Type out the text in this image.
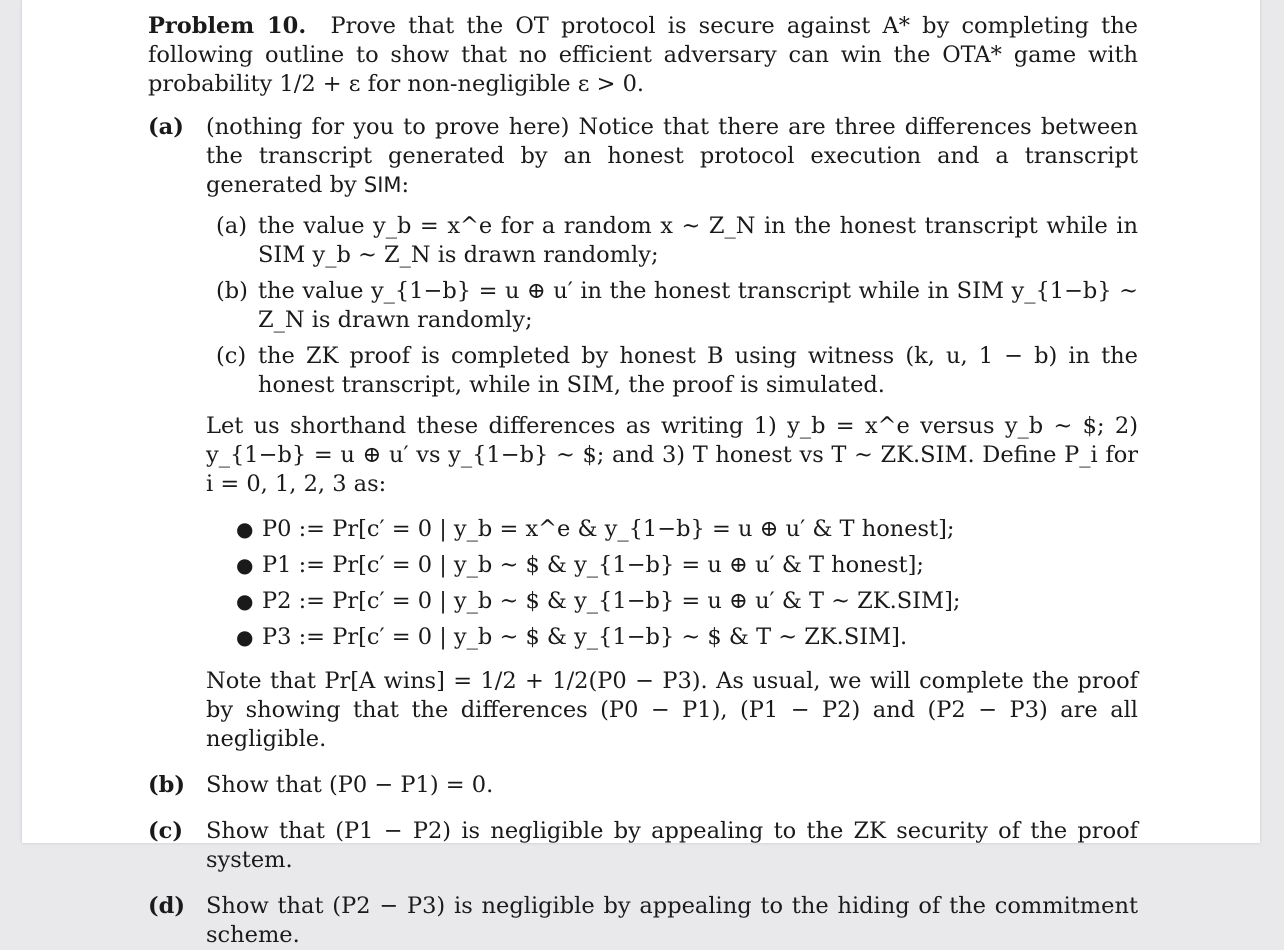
Problem 10. Prove that the OT protocol is secure against A* by completing the following outline to show that no efficient adversary can win the OTA* game with probability 1/2 + ε for non-negligible ε > 0.

(a) (nothing for you to prove here) Notice that there are three differences between the transcript generated by an honest protocol execution and a transcript generated by SIM:
(a) the value y_b = x^e for a random x ~ Z_N in the honest transcript while in SIM y_b ~ Z_N is drawn randomly;
(b) the value y_{1−b} = u ⊕ u′ in the honest transcript while in SIM y_{1−b} ~ Z_N is drawn randomly;
(c) the ZK proof is completed by honest B using witness (k, u, 1 − b) in the honest transcript, while in SIM, the proof is simulated.

Let us shorthand these differences as writing 1) y_b = x^e versus y_b ~ $; 2) y_{1−b} = u ⊕ u′ vs y_{1−b} ~ $; and 3) T honest vs T ~ ZK.SIM. Define P_i for i = 0, 1, 2, 3 as:

● P0 := Pr[c′ = 0 | y_b = x^e & y_{1−b} = u ⊕ u′ & T honest];
● P1 := Pr[c′ = 0 | y_b ~ $ & y_{1−b} = u ⊕ u′ & T honest];
● P2 := Pr[c′ = 0 | y_b ~ $ & y_{1−b} = u ⊕ u′ & T ~ ZK.SIM];
● P3 := Pr[c′ = 0 | y_b ~ $ & y_{1−b} ~ $ & T ~ ZK.SIM].

Note that Pr[A wins] = 1/2 + 1/2(P0 − P3). As usual, we will complete the proof by showing that the differences (P0 − P1), (P1 − P2) and (P2 − P3) are all negligible.

(b) Show that (P0 − P1) = 0.
(c)	Show that (P1 − P2) is negligible by appealing to the ZK security of the proof system.
(d) Show that (P2 − P3) is negligible by appealing to the hiding of the commitment scheme.
